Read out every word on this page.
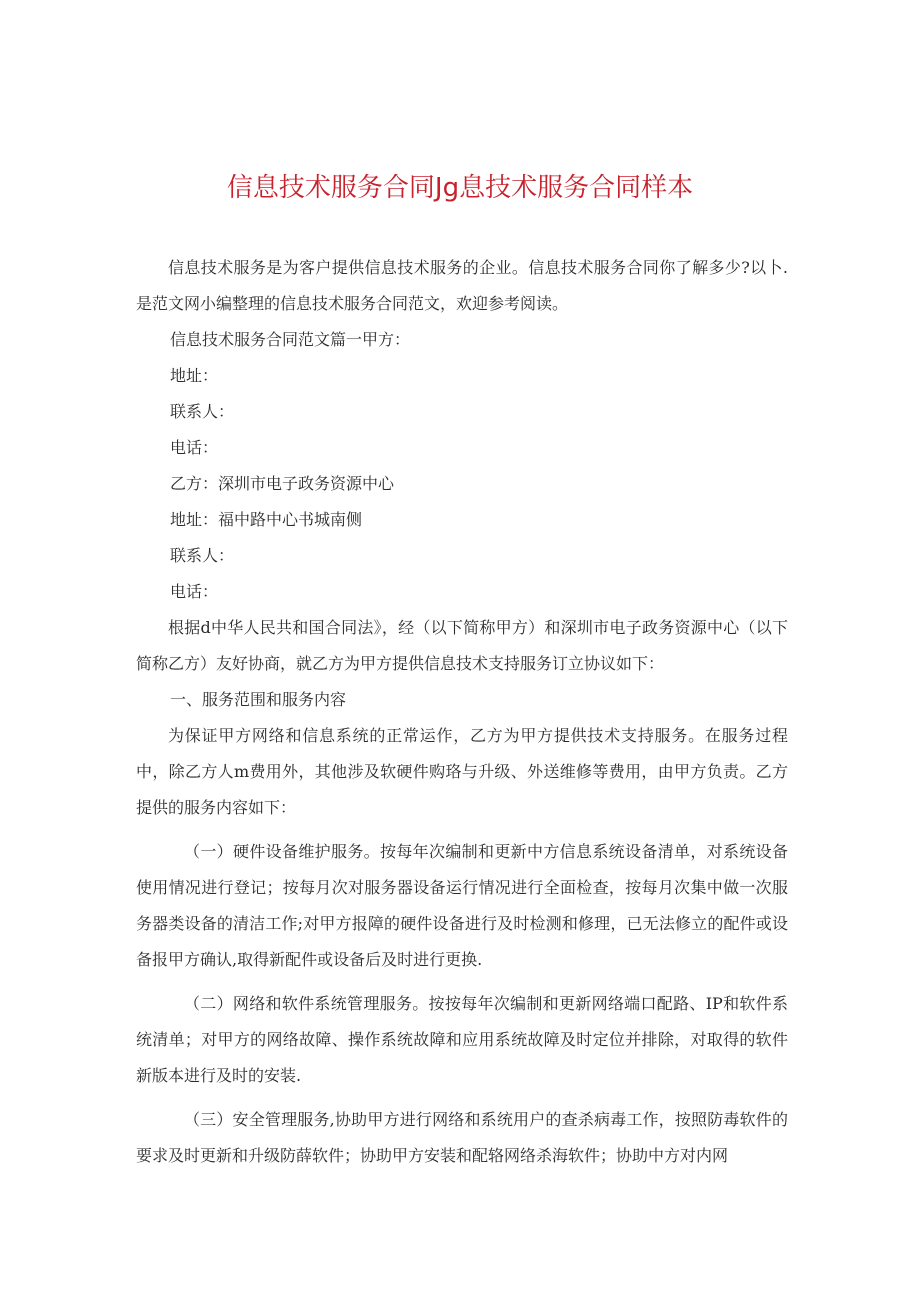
信息技术服务合同Jg息技术服务合同样本

信息技术服务是为客户提供信息技术服务的企业。信息技术服务合同你了解多少?以卜.是范文网小编整理的信息技术服务合同范文，欢迎参考阅读。

信息技术服务合同范文篇一甲方：

地址：

联系人：

电话：

乙方：深圳市电子政务资源中心

地址：福中路中心书城南侧

联系人：

电话：

根据d中华人民共和国合同法》，经（以下简称甲方）和深圳市电子政务资源中心（以下简称乙方）友好协商，就乙方为甲方提供信息技术支持服务订立协议如下：

一、服务范围和服务内容

为保证甲方网络和信息系统的正常运作，乙方为甲方提供技术支持服务。在服务过程中，除乙方人m费用外，其他涉及软硬件购珞与升级、外送维修等费用，由甲方负责。乙方提供的服务内容如下：

（一）硬件设备维护服务。按每年次编制和更新中方信息系统设备清单，对系统设备使用情况进行登记；按每月次对服务器设备运行情况进行全面检查，按每月次集中做一次服务器类设备的清洁工作;对甲方报障的硬件设备进行及时检测和修理，已无法修立的配件或设备报甲方确认,取得新配件或设备后及时进行更换.

（二）网络和软件系统管理服务。按按每年次编制和更新网络端口配路、IP和软件系统清单；对甲方的网络故障、操作系统故障和应用系统故障及时定位并排除，对取得的软件新版本进行及时的安装.

（三）安全管理服务,协助甲方进行网络和系统用户的查杀病毒工作，按照防毒软件的要求及时更新和升级防薛软件；协助甲方安装和配辂网络杀海软件；协助中方对内网
